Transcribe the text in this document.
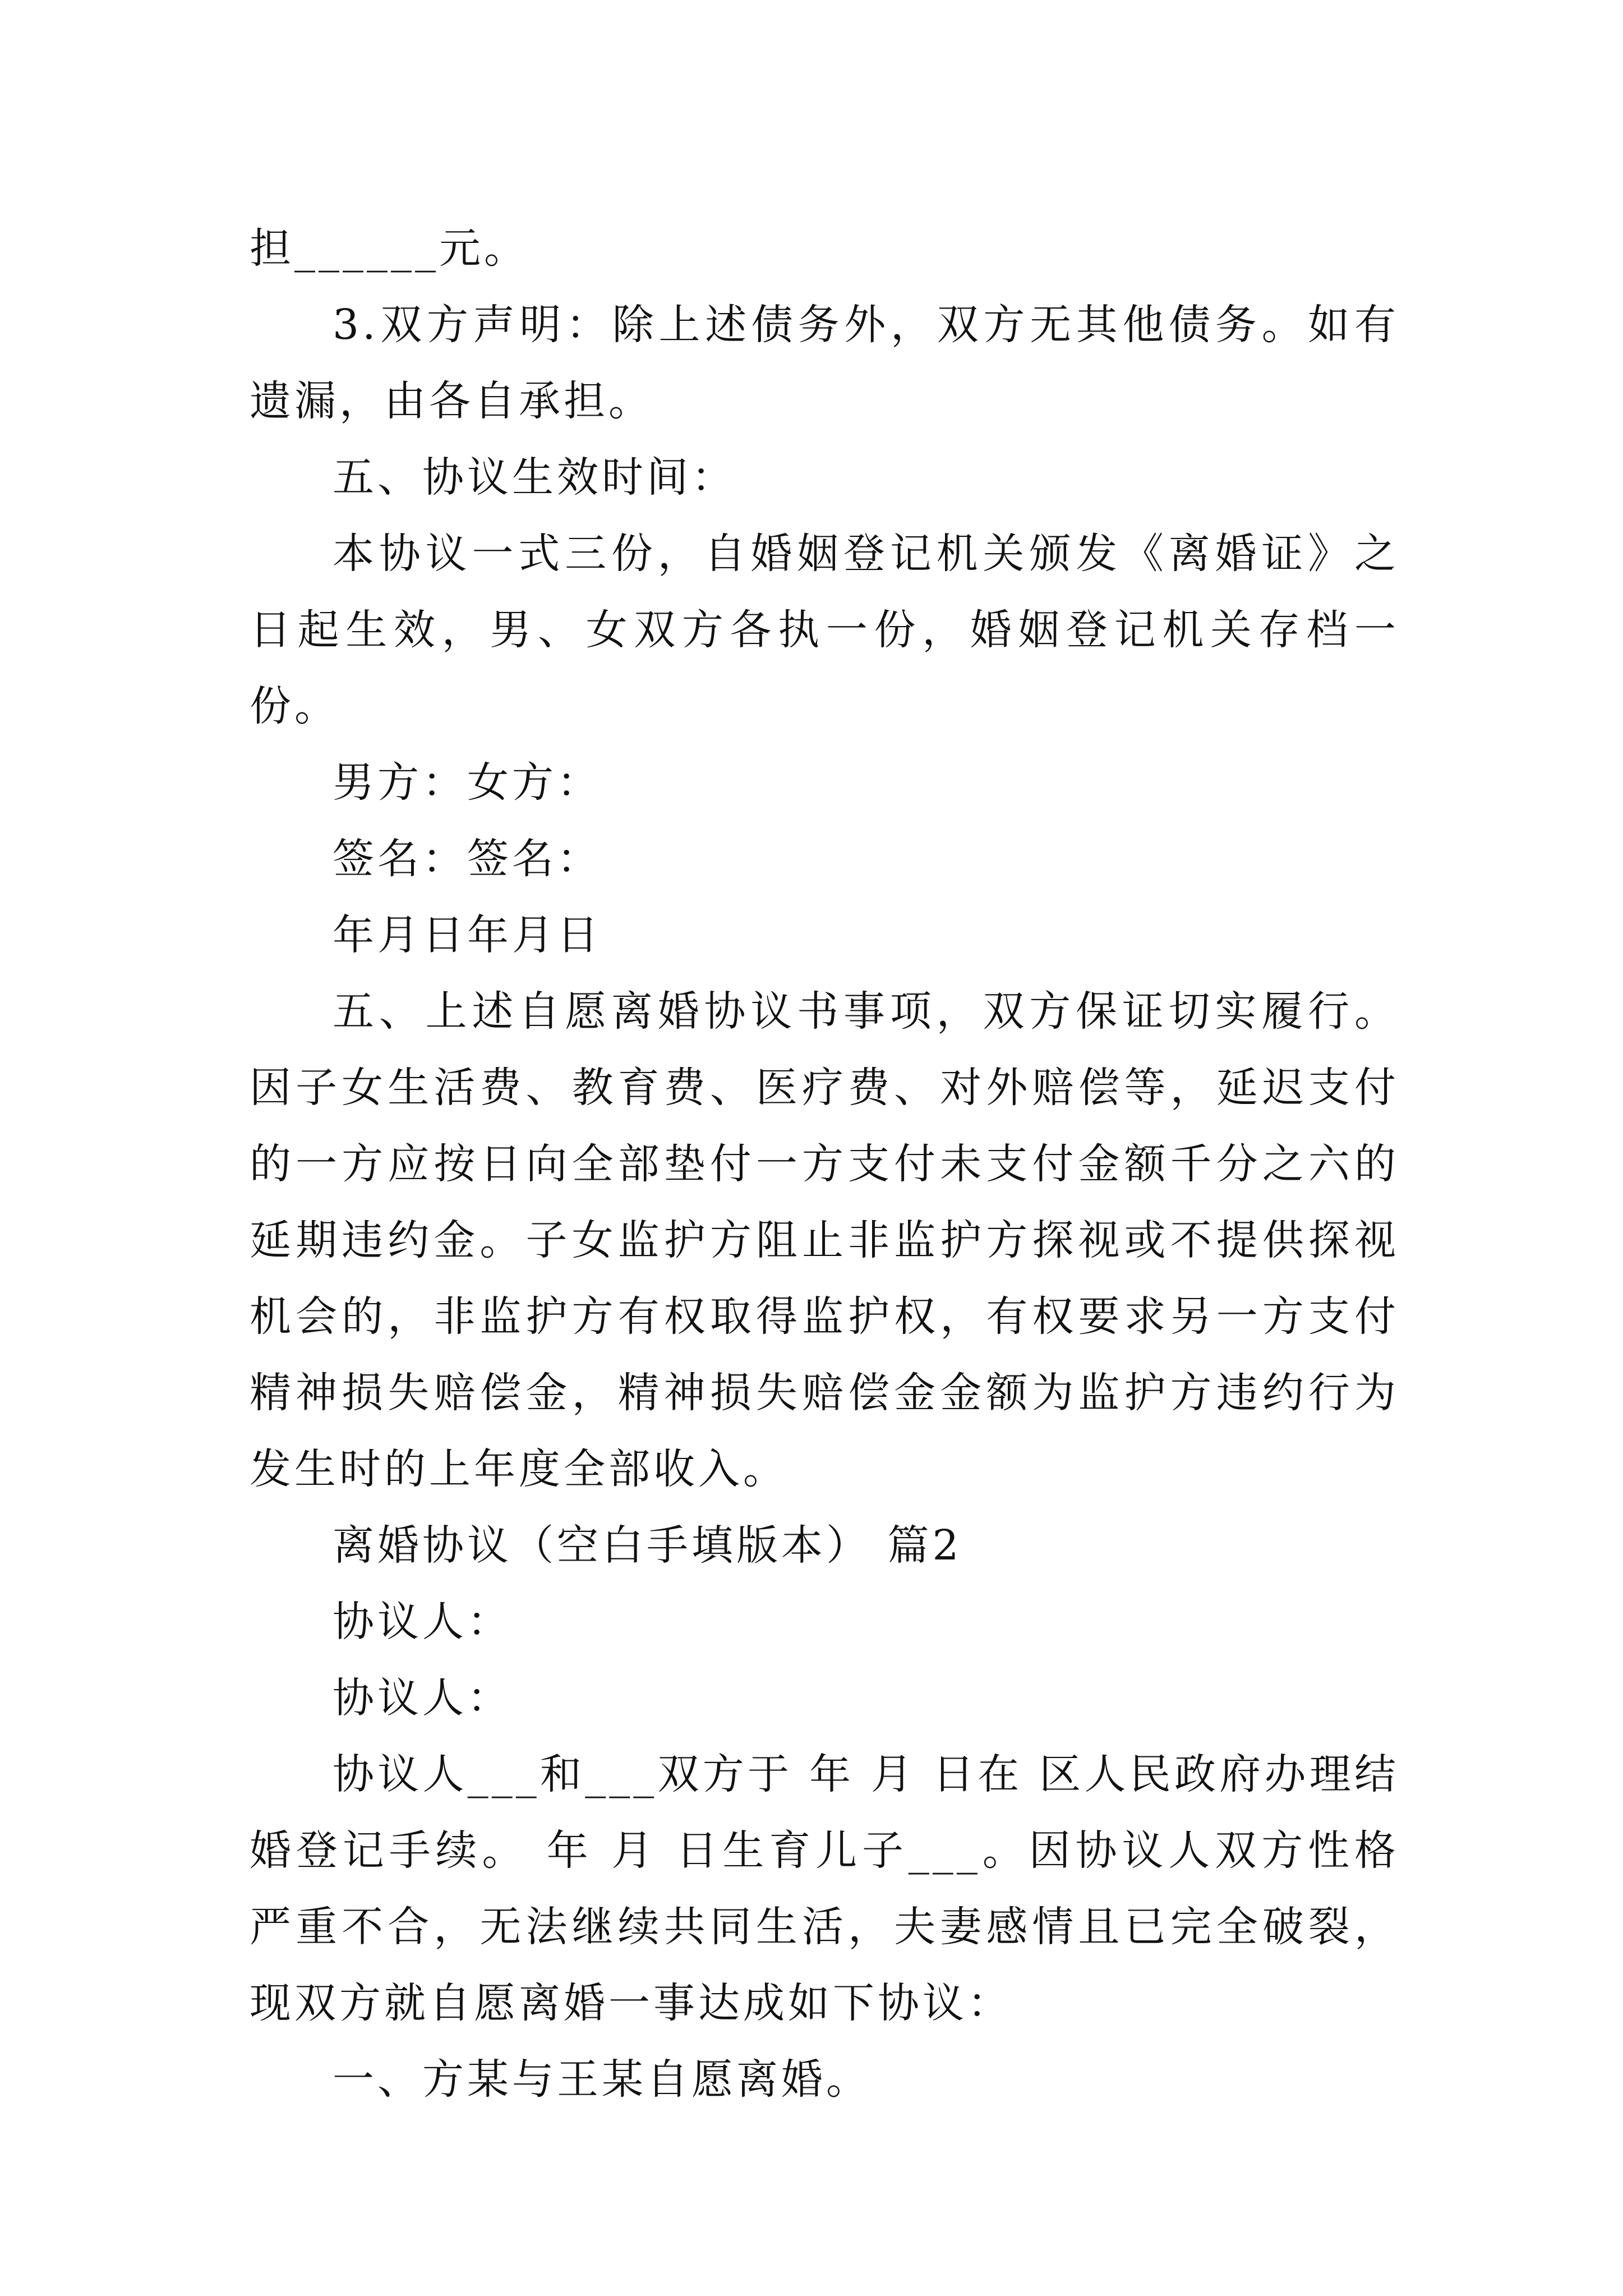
担______元。

3.双方声明：除上述债务外，双方无其他债务。如有遗漏，由各自承担。

五、协议生效时间：

本协议一式三份，自婚姻登记机关颁发《离婚证》之日起生效，男、女双方各执一份，婚姻登记机关存档一份。

男方：女方：

签名：签名：

年月日年月日

五、上述自愿离婚协议书事项，双方保证切实履行。因子女生活费、教育费、医疗费、对外赔偿等，延迟支付的一方应按日向全部垫付一方支付未支付金额千分之六的延期违约金。子女监护方阻止非监护方探视或不提供探视机会的，非监护方有权取得监护权，有权要求另一方支付精神损失赔偿金，精神损失赔偿金金额为监护方违约行为发生时的上年度全部收入。

离婚协议（空白手填版本） 篇2

协议人：

协议人：

协议人___和___双方于 年 月 日在 区人民政府办理结婚登记手续。 年 月 日生育儿子___。因协议人双方性格严重不合，无法继续共同生活，夫妻感情且已完全破裂，现双方就自愿离婚一事达成如下协议：

一、方某与王某自愿离婚。
